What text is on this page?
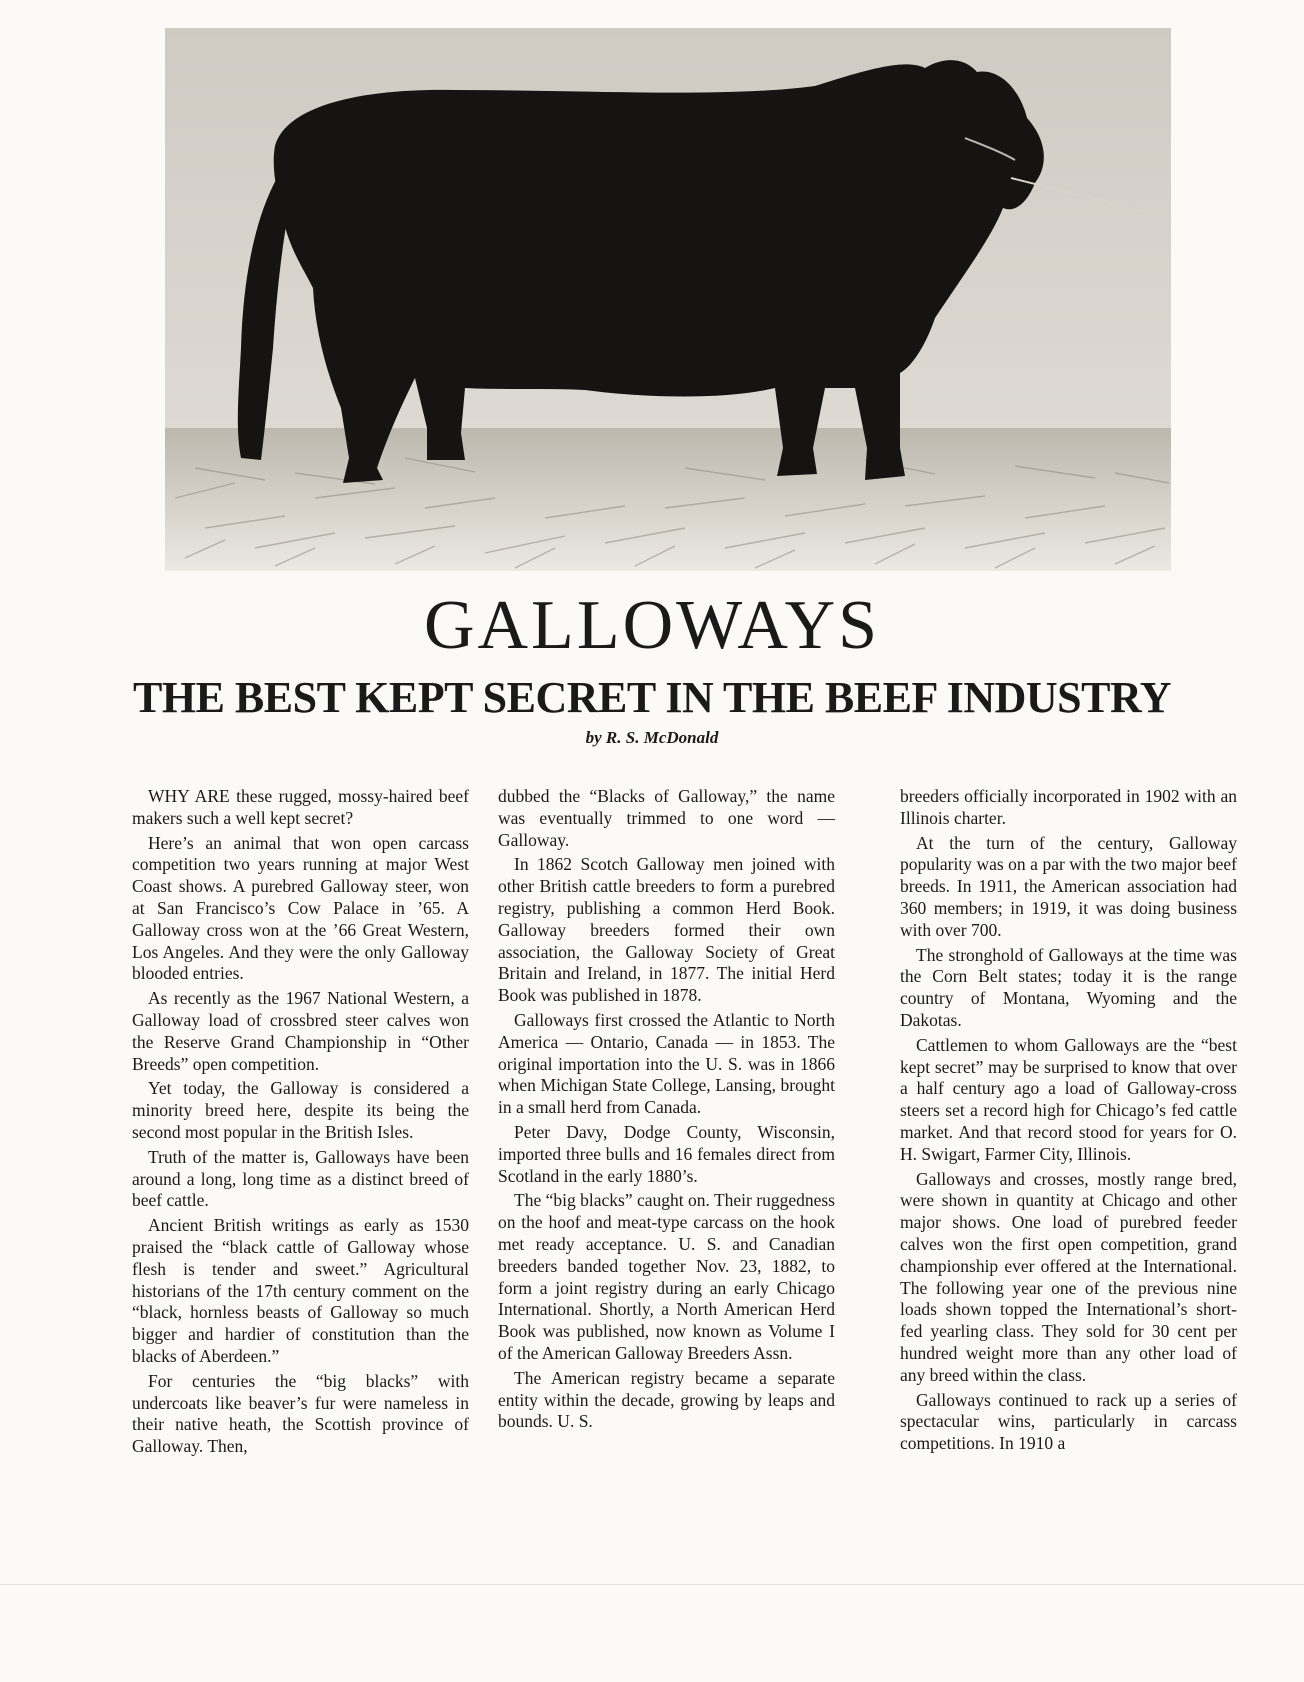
GALLOWAYS
THE BEST KEPT SECRET IN THE BEEF INDUSTRY

by R. S. McDonald

WHY ARE these rugged, mossy-haired beef makers such a well kept secret?

Here’s an animal that won open carcass competition two years running at major West Coast shows. A purebred Galloway steer, won at San Francisco’s Cow Palace in ’65. A Galloway cross won at the ’66 Great Western, Los Angeles. And they were the only Galloway blooded entries.

As recently as the 1967 National Western, a Galloway load of crossbred steer calves won the Reserve Grand Championship in “Other Breeds” open competition.

Yet today, the Galloway is considered a minority breed here, despite its being the second most popular in the British Isles.

Truth of the matter is, Galloways have been around a long, long time as a distinct breed of beef cattle.

Ancient British writings as early as 1530 praised the “black cattle of Galloway whose flesh is tender and sweet.” Agricultural historians of the 17th century comment on the “black, hornless beasts of Galloway so much bigger and hardier of constitution than the blacks of Aberdeen.”

For centuries the “big blacks” with undercoats like beaver’s fur were nameless in their native heath, the Scottish province of Galloway. Then,

dubbed the “Blacks of Galloway,” the name was eventually trimmed to one word — Galloway.

In 1862 Scotch Galloway men joined with other British cattle breeders to form a purebred registry, publishing a common Herd Book. Galloway breeders formed their own association, the Galloway Society of Great Britain and Ireland, in 1877. The initial Herd Book was published in 1878.

Galloways first crossed the Atlantic to North America — Ontario, Canada — in 1853. The original importation into the U. S. was in 1866 when Michigan State College, Lansing, brought in a small herd from Canada.

Peter Davy, Dodge County, Wisconsin, imported three bulls and 16 females direct from Scotland in the early 1880’s.

The “big blacks” caught on. Their ruggedness on the hoof and meat-type carcass on the hook met ready acceptance. U. S. and Canadian breeders banded together Nov. 23, 1882, to form a joint registry during an early Chicago International. Shortly, a North American Herd Book was published, now known as Volume I of the American Galloway Breeders Assn.

The American registry became a separate entity within the decade, growing by leaps and bounds. U. S.

breeders officially incorporated in 1902 with an Illinois charter.

At the turn of the century, Galloway popularity was on a par with the two major beef breeds. In 1911, the American association had 360 members; in 1919, it was doing business with over 700.

The stronghold of Galloways at the time was the Corn Belt states; today it is the range country of Montana, Wyoming and the Dakotas.

Cattlemen to whom Galloways are the “best kept secret” may be surprised to know that over a half century ago a load of Galloway-cross steers set a record high for Chicago’s fed cattle market. And that record stood for years for O. H. Swigart, Farmer City, Illinois.

Galloways and crosses, mostly range bred, were shown in quantity at Chicago and other major shows. One load of purebred feeder calves won the first open competition, grand championship ever offered at the International. The following year one of the previous nine loads shown topped the International’s short-fed yearling class. They sold for 30 cent per hundred weight more than any other load of any breed within the class.

Galloways continued to rack up a series of spectacular wins, particularly in carcass competitions. In 1910 a
